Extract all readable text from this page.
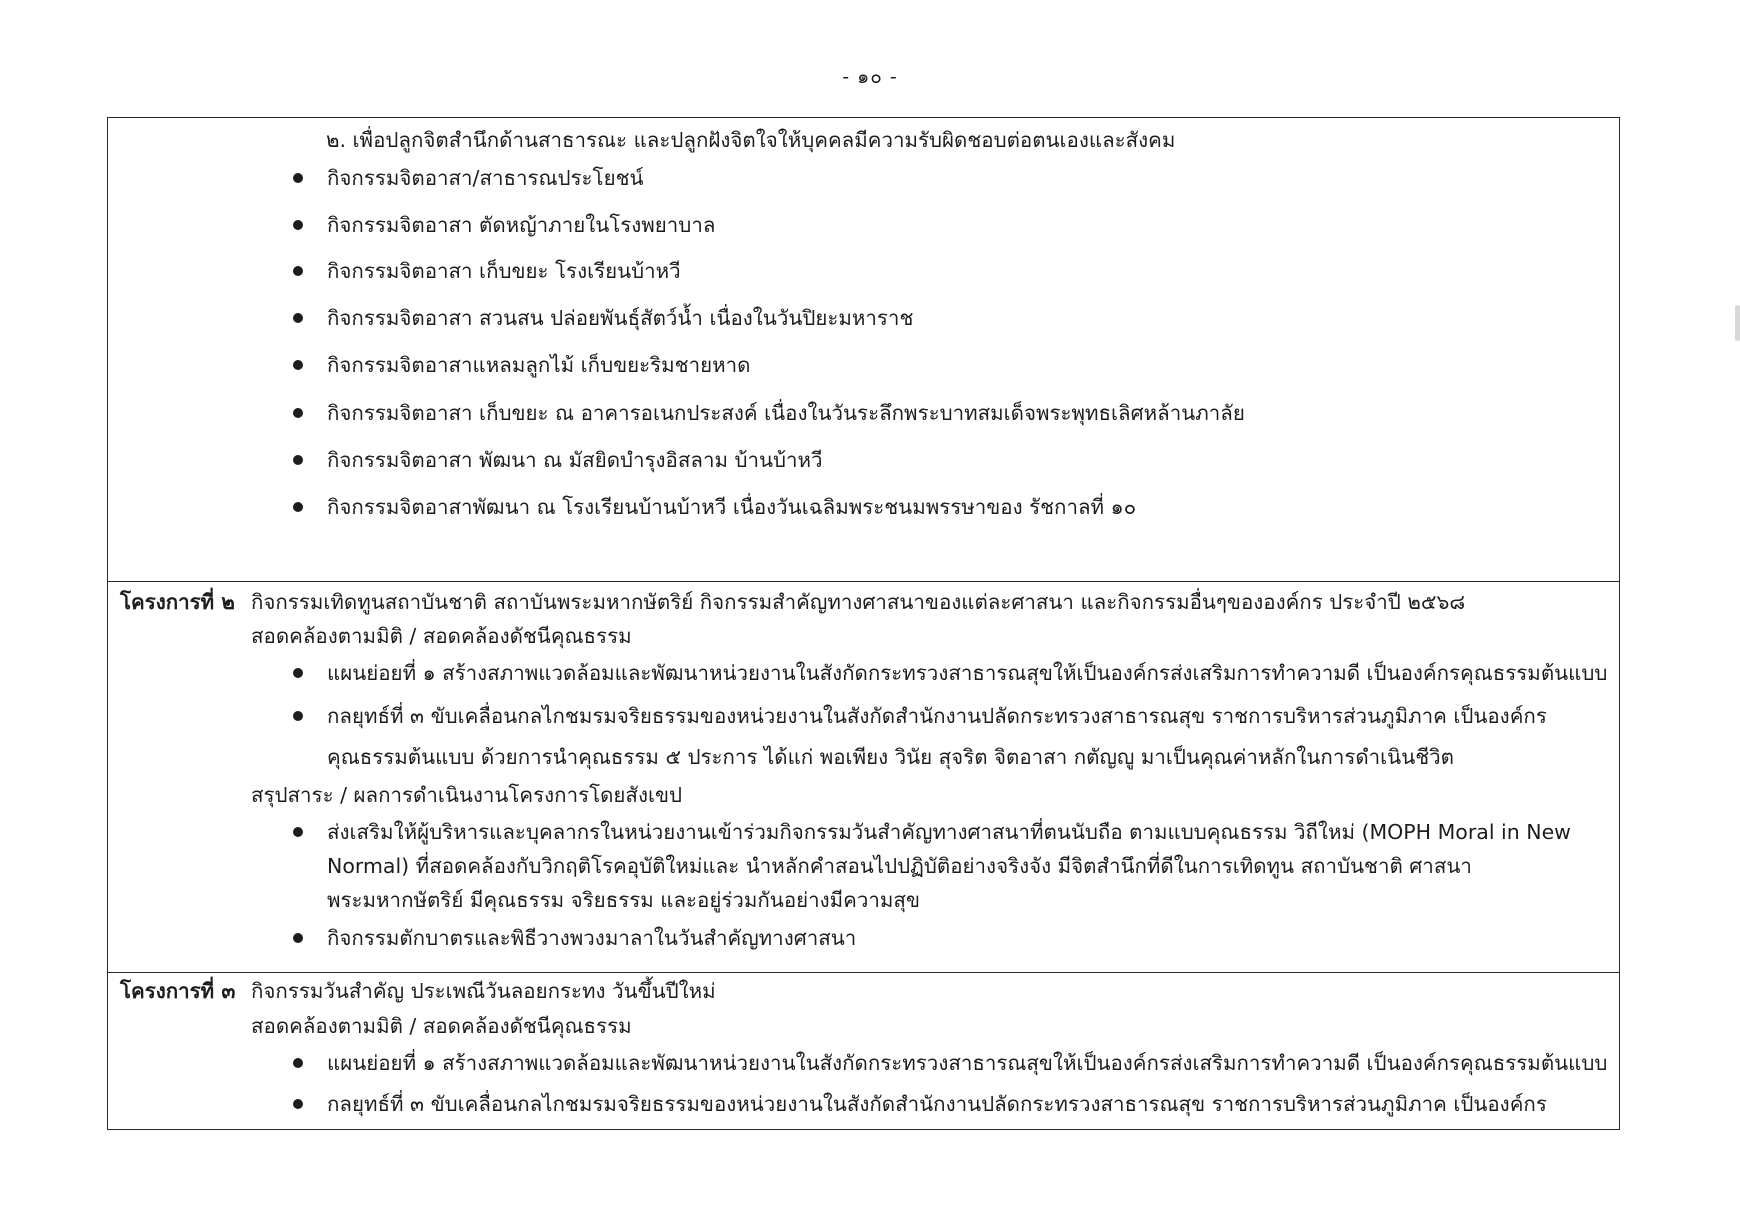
- ๑๐ -
๒. เพื่อปลูกจิตสำนึกด้านสาธารณะ และปลูกฝังจิตใจให้บุคคลมีความรับผิดชอบต่อตนเองและสังคม
กิจกรรมจิตอาสา/สาธารณประโยชน์
กิจกรรมจิตอาสา ตัดหญ้าภายในโรงพยาบาล
กิจกรรมจิตอาสา เก็บขยะ โรงเรียนบ้าหวี
กิจกรรมจิตอาสา สวนสน ปล่อยพันธุ์สัตว์น้ำ เนื่องในวันปิยะมหาราช
กิจกรรมจิตอาสาแหลมลูกไม้ เก็บขยะริมชายหาด
กิจกรรมจิตอาสา เก็บขยะ ณ อาคารอเนกประสงค์ เนื่องในวันระลึกพระบาทสมเด็จพระพุทธเลิศหล้านภาลัย
กิจกรรมจิตอาสา พัฒนา ณ มัสยิดบำรุงอิสลาม บ้านบ้าหวี
กิจกรรมจิตอาสาพัฒนา ณ โรงเรียนบ้านบ้าหวี เนื่องวันเฉลิมพระชนมพรรษาของ รัชกาลที่ ๑๐
โครงการที่ ๒ กิจกรรมเทิดทูนสถาบันชาติ สถาบันพระมหากษัตริย์ กิจกรรมสำคัญทางศาสนาของแต่ละศาสนา และกิจกรรมอื่นๆขององค์กร ประจำปี ๒๕๖๘
สอดคล้องตามมิติ / สอดคล้องดัชนีคุณธรรม
แผนย่อยที่ ๑ สร้างสภาพแวดล้อมและพัฒนาหน่วยงานในสังกัดกระทรวงสาธารณสุขให้เป็นองค์กรส่งเสริมการทำความดี เป็นองค์กรคุณธรรมต้นแบบ
กลยุทธ์ที่ ๓ ขับเคลื่อนกลไกชมรมจริยธรรมของหน่วยงานในสังกัดสำนักงานปลัดกระทรวงสาธารณสุข ราชการบริหารส่วนภูมิภาค เป็นองค์กร
คุณธรรมต้นแบบ ด้วยการนำคุณธรรม ๕ ประการ ได้แก่ พอเพียง วินัย สุจริต จิตอาสา กตัญญู มาเป็นคุณค่าหลักในการดำเนินชีวิต
สรุปสาระ / ผลการดำเนินงานโครงการโดยสังเขป
ส่งเสริมให้ผู้บริหารและบุคลากรในหน่วยงานเข้าร่วมกิจกรรมวันสำคัญทางศาสนาที่ตนนับถือ ตามแบบคุณธรรม วิถีใหม่ (MOPH Moral in New
Normal) ที่สอดคล้องกับวิกฤติโรคอุบัติใหม่และ นำหลักคำสอนไปปฏิบัติอย่างจริงจัง มีจิตสำนึกที่ดีในการเทิดทูน สถาบันชาติ ศาสนา
พระมหากษัตริย์ มีคุณธรรม จริยธรรม และอยู่ร่วมกันอย่างมีความสุข
กิจกรรมตักบาตรและพิธีวางพวงมาลาในวันสำคัญทางศาสนา
โครงการที่ ๓ กิจกรรมวันสำคัญ ประเพณีวันลอยกระทง วันขึ้นปีใหม่
สอดคล้องตามมิติ / สอดคล้องดัชนีคุณธรรม
แผนย่อยที่ ๑ สร้างสภาพแวดล้อมและพัฒนาหน่วยงานในสังกัดกระทรวงสาธารณสุขให้เป็นองค์กรส่งเสริมการทำความดี เป็นองค์กรคุณธรรมต้นแบบ
กลยุทธ์ที่ ๓ ขับเคลื่อนกลไกชมรมจริยธรรมของหน่วยงานในสังกัดสำนักงานปลัดกระทรวงสาธารณสุข ราชการบริหารส่วนภูมิภาค เป็นองค์กร
